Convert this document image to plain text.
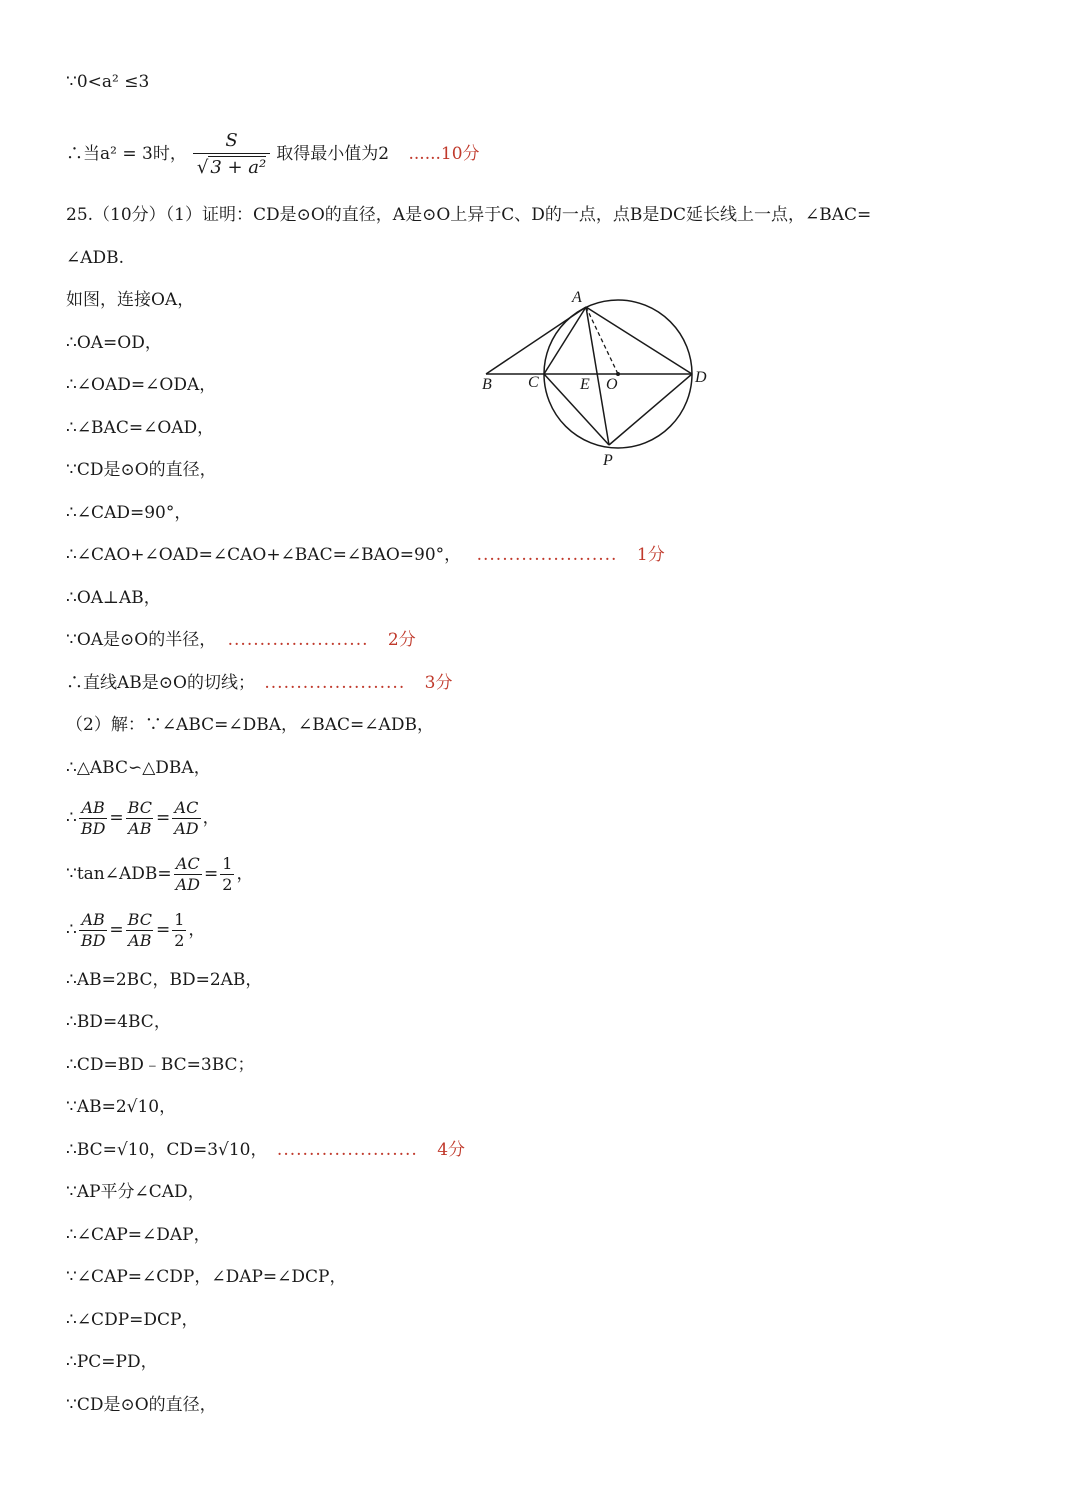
∵0<a² ≤3
∴当a² = 3时， $\frac{S}{\text{√ 3 + a²}}$ 取得最小值为2 ......10分
25.（10分）（1）证明：CD是⊙O的直径，A是⊙O上异于C、D的一点，点B是DC延长线上一点，∠BAC=
∠ADB.
如图，连接OA，
∴OA=OD，
∴∠OAD=∠ODA，
∴∠BAC=∠OAD，
∵CD是⊙O的直径，
∴∠CAD=90°，
∴∠CAO+∠OAD=∠CAO+∠BAC=∠BAO=90°， ...................... 1分
∴OA⊥AB，
∵OA是⊙O的半径， ...................... 2分
∴直线AB是⊙O的切线； ...................... 3分
（2）解：∵∠ABC=∠DBA，∠BAC=∠ADB，
∴△ABC∽△DBA，
∴ $\frac{AB}{BD} = \frac{BC}{AB} = \frac{AC}{AD}$ ，
∵tan∠ADB= $\frac{AC}{AD} = \frac{1}{2}$ ，
∴ $\frac{AB}{BD} = \frac{BC}{AB} = \frac{1}{2}$ ，
∴AB=2BC，BD=2AB，
∴BD=4BC，
∴CD=BD﹣BC=3BC；
∵AB=2√10，
∴BC=√10，CD=3√10， ...................... 4分
∵AP平分∠CAD，
∴∠CAP=∠DAP，
∵∠CAP=∠CDP，∠DAP=∠DCP，
∴∠CDP=DCP，
∴PC=PD，
∵CD是⊙O的直径，
A
B C	E O	D
P
